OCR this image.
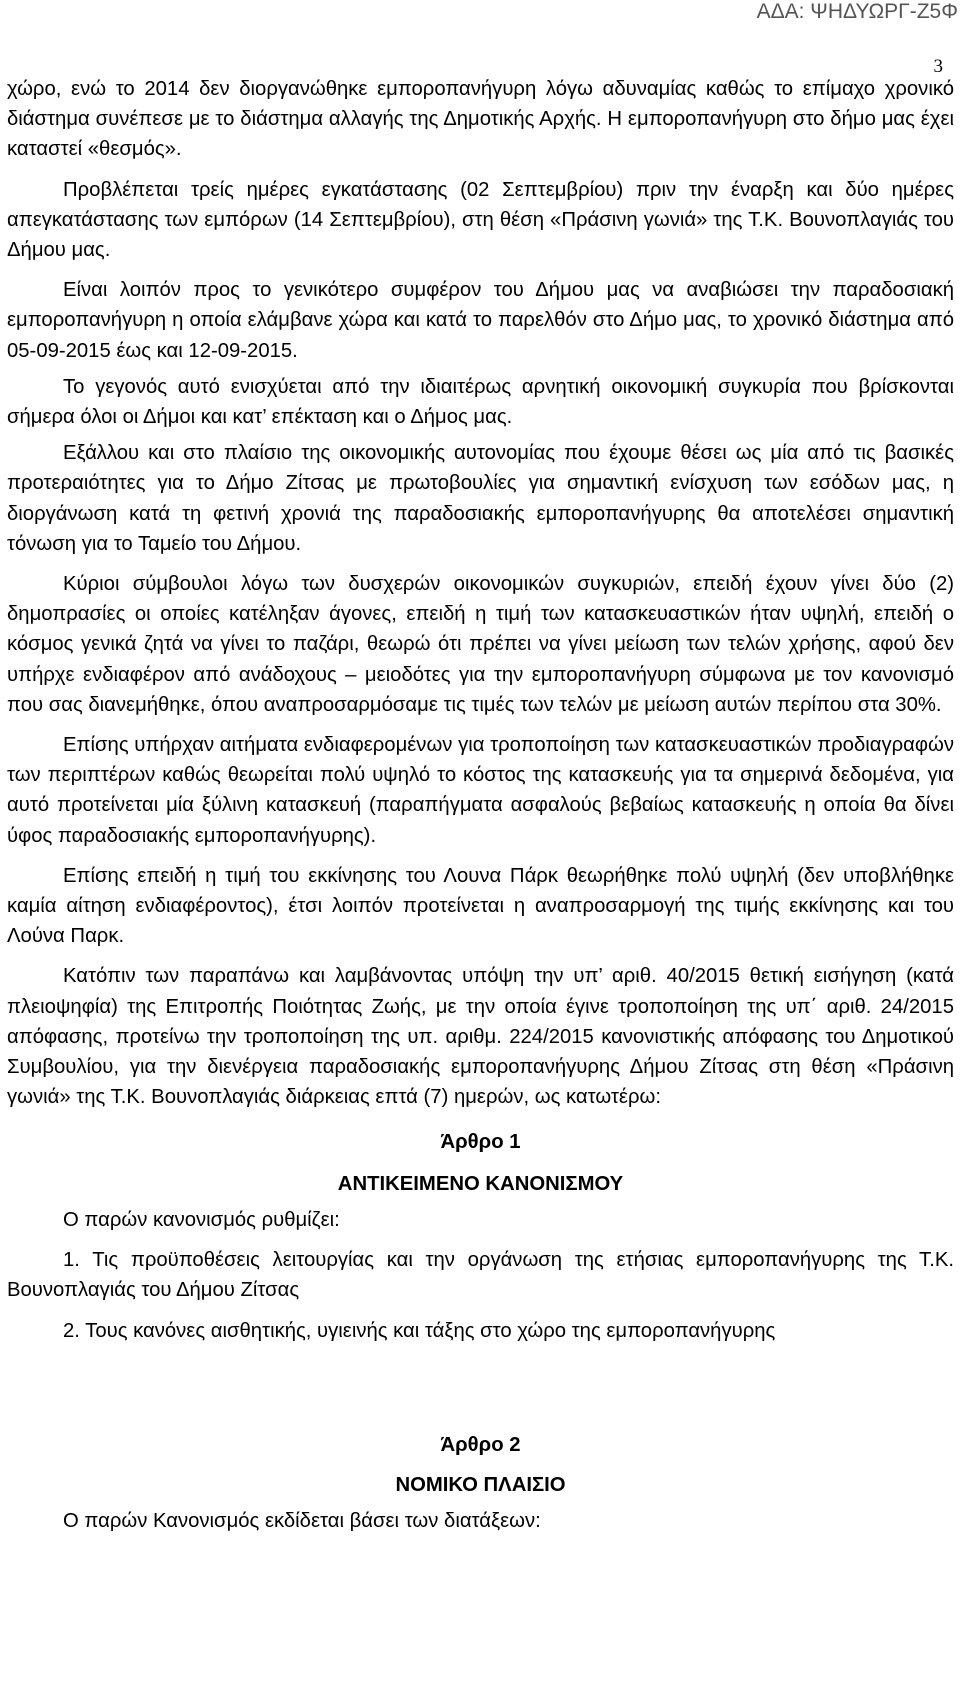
ΑΔΑ: ΨΗΔΥΩΡΓ-Ζ5Φ
3

χώρο, ενώ το 2014 δεν διοργανώθηκε εμποροπανήγυρη λόγω αδυναμίας καθώς το επίμαχο χρονικό διάστημα συνέπεσε με το διάστημα αλλαγής της Δημοτικής Αρχής. Η εμποροπανήγυρη στο δήμο μας έχει καταστεί «θεσμός».

Προβλέπεται τρείς ημέρες εγκατάστασης (02 Σεπτεμβρίου) πριν την έναρξη και δύο ημέρες απεγκατάστασης των εμπόρων (14 Σεπτεμβρίου), στη θέση «Πράσινη γωνιά» της Τ.Κ. Βουνοπλαγιάς του Δήμου μας.

Είναι λοιπόν προς το γενικότερο συμφέρον του Δήμου μας να αναβιώσει την παραδοσιακή εμποροπανήγυρη η οποία ελάμβανε χώρα και κατά το παρελθόν στο Δήμο μας, το χρονικό διάστημα από 05-09-2015 έως και 12-09-2015.

Το γεγονός αυτό ενισχύεται από την ιδιαιτέρως αρνητική οικονομική συγκυρία που βρίσκονται σήμερα όλοι οι Δήμοι και κατ’ επέκταση και ο Δήμος μας.

Εξάλλου και στο πλαίσιο της οικονομικής αυτονομίας που έχουμε θέσει ως μία από τις βασικές προτεραιότητες για το Δήμο Ζίτσας με πρωτοβουλίες για σημαντική ενίσχυση των εσόδων μας, η διοργάνωση κατά τη φετινή χρονιά της παραδοσιακής εμποροπανήγυρης θα αποτελέσει σημαντική τόνωση για το Ταμείο του Δήμου.

Κύριοι σύμβουλοι λόγω των δυσχερών οικονομικών συγκυριών, επειδή έχουν γίνει δύο (2) δημοπρασίες οι οποίες κατέληξαν άγονες, επειδή η τιμή των κατασκευαστικών ήταν υψηλή, επειδή ο κόσμος γενικά ζητά να γίνει το παζάρι, θεωρώ ότι πρέπει να γίνει μείωση των τελών χρήσης, αφού δεν υπήρχε ενδιαφέρον από ανάδοχους – μειοδότες για την εμποροπανήγυρη σύμφωνα με τον κανονισμό που σας διανεμήθηκε, όπου αναπροσαρμόσαμε τις τιμές των τελών με μείωση αυτών περίπου στα 30%.

Επίσης υπήρχαν αιτήματα ενδιαφερομένων για τροποποίηση των κατασκευαστικών προδιαγραφών των περιπτέρων καθώς θεωρείται πολύ υψηλό το κόστος της κατασκευής για τα σημερινά δεδομένα, για αυτό προτείνεται μία ξύλινη κατασκευή (παραπήγματα ασφαλούς βεβαίως κατασκευής η οποία θα δίνει ύφος παραδοσιακής εμποροπανήγυρης).

Επίσης επειδή η τιμή του εκκίνησης του Λουνα Πάρκ θεωρήθηκε πολύ υψηλή (δεν υποβλήθηκε καμία αίτηση ενδιαφέροντος), έτσι λοιπόν προτείνεται η αναπροσαρμογή της τιμής εκκίνησης και του Λούνα Παρκ.

Κατόπιν των παραπάνω και λαμβάνοντας υπόψη την υπ’ αριθ. 40/2015 θετική εισήγηση (κατά πλειοψηφία) της Επιτροπής Ποιότητας Ζωής, με την οποία έγινε τροποποίηση της υπ΄ αριθ. 24/2015 απόφασης, προτείνω την τροποποίηση της υπ. αριθμ. 224/2015 κανονιστικής απόφασης του Δημοτικού Συμβουλίου, για την διενέργεια παραδοσιακής εμποροπανήγυρης Δήμου Ζίτσας στη θέση «Πράσινη γωνιά» της Τ.Κ. Βουνοπλαγιάς διάρκειας επτά (7) ημερών, ως κατωτέρω:

Άρθρο 1

ΑΝΤΙΚΕΙΜΕΝΟ ΚΑΝΟΝΙΣΜΟΥ

Ο παρών κανονισμός ρυθμίζει:

1. Τις προϋποθέσεις λειτουργίας και την οργάνωση της ετήσιας εμποροπανήγυρης της Τ.Κ. Βουνοπλαγιάς του Δήμου Ζίτσας

2. Τους κανόνες αισθητικής, υγιεινής και τάξης στο χώρο της εμποροπανήγυρης

Άρθρο 2

ΝΟΜΙΚΟ ΠΛΑΙΣΙΟ

Ο παρών Κανονισμός εκδίδεται βάσει των διατάξεων:
